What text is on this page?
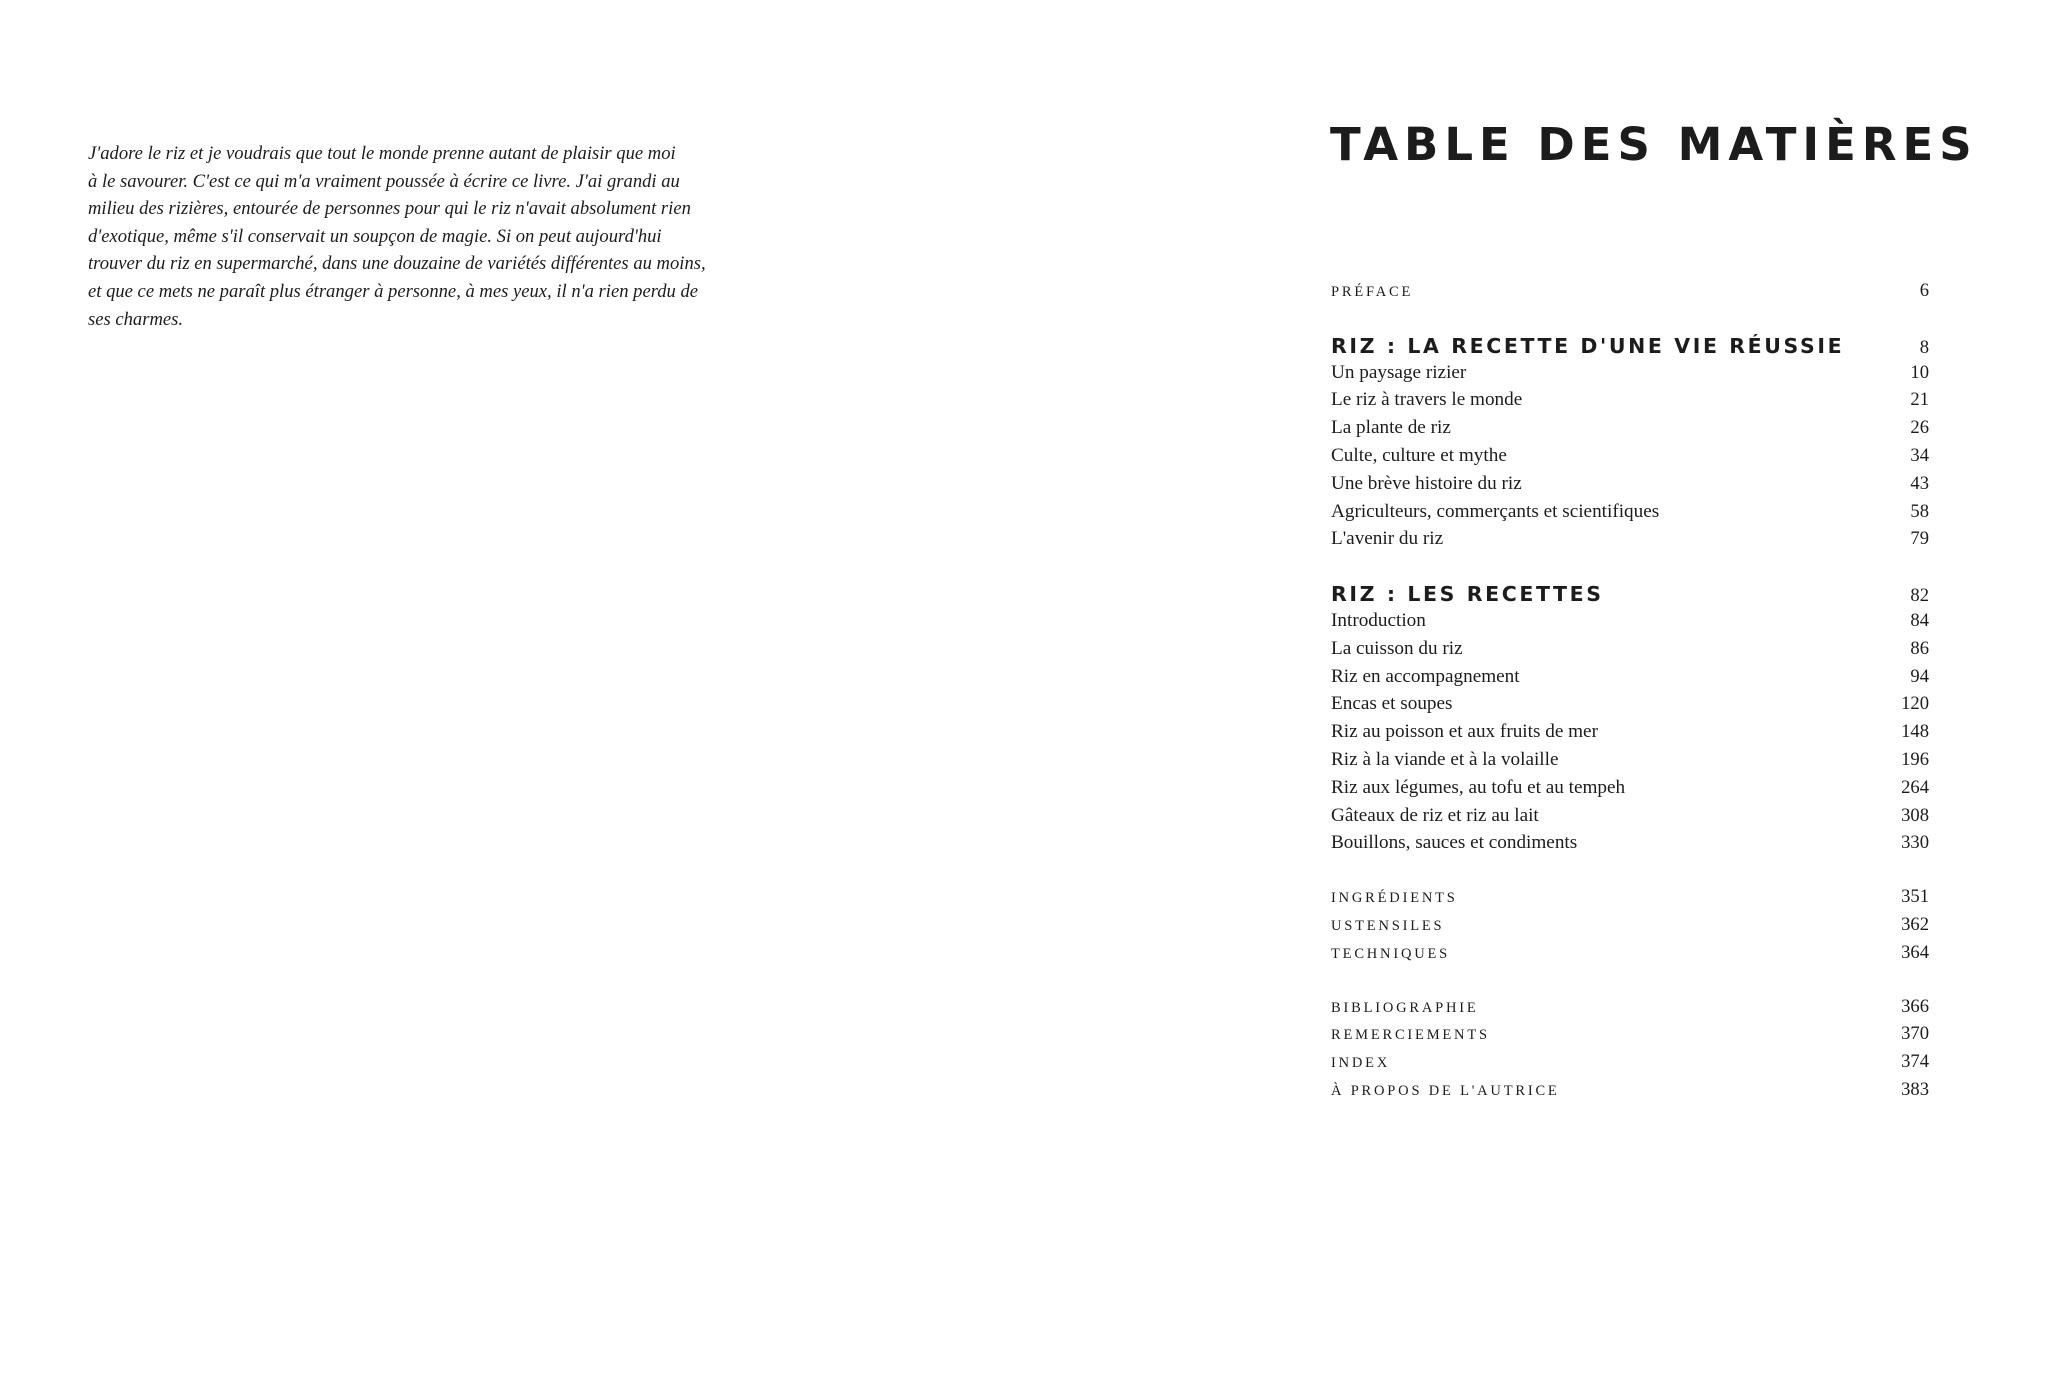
J'adore le riz et je voudrais que tout le monde prenne autant de plaisir que moi
à le savourer. C'est ce qui m'a vraiment poussée à écrire ce livre. J'ai grandi au
milieu des rizières, entourée de personnes pour qui le riz n'avait absolument rien
d'exotique, même s'il conservait un soupçon de magie. Si on peut aujourd'hui
trouver du riz en supermarché, dans une douzaine de variétés différentes au moins,
et que ce mets ne paraît plus étranger à personne, à mes yeux, il n'a rien perdu de
ses charmes.

TABLE DES MATIÈRES
PRÉFACE	6
RIZ : LA RECETTE D'UNE VIE RÉUSSIE	8
Un paysage rizier	10
Le riz à travers le monde	21
La plante de riz	26
Culte, culture et mythe	34
Une brève histoire du riz	43
Agriculteurs, commerçants et scientifiques	58
L'avenir du riz	79
RIZ : LES RECETTES	82
Introduction	84
La cuisson du riz	86
Riz en accompagnement	94
Encas et soupes	120
Riz au poisson et aux fruits de mer	148
Riz à la viande et à la volaille	196
Riz aux légumes, au tofu et au tempeh	264
Gâteaux de riz et riz au lait	308
Bouillons, sauces et condiments	330
INGRÉDIENTS	351
USTENSILES	362
TECHNIQUES	364
BIBLIOGRAPHIE	366
REMERCIEMENTS	370
INDEX	374
À PROPOS DE L'AUTRICE	383
